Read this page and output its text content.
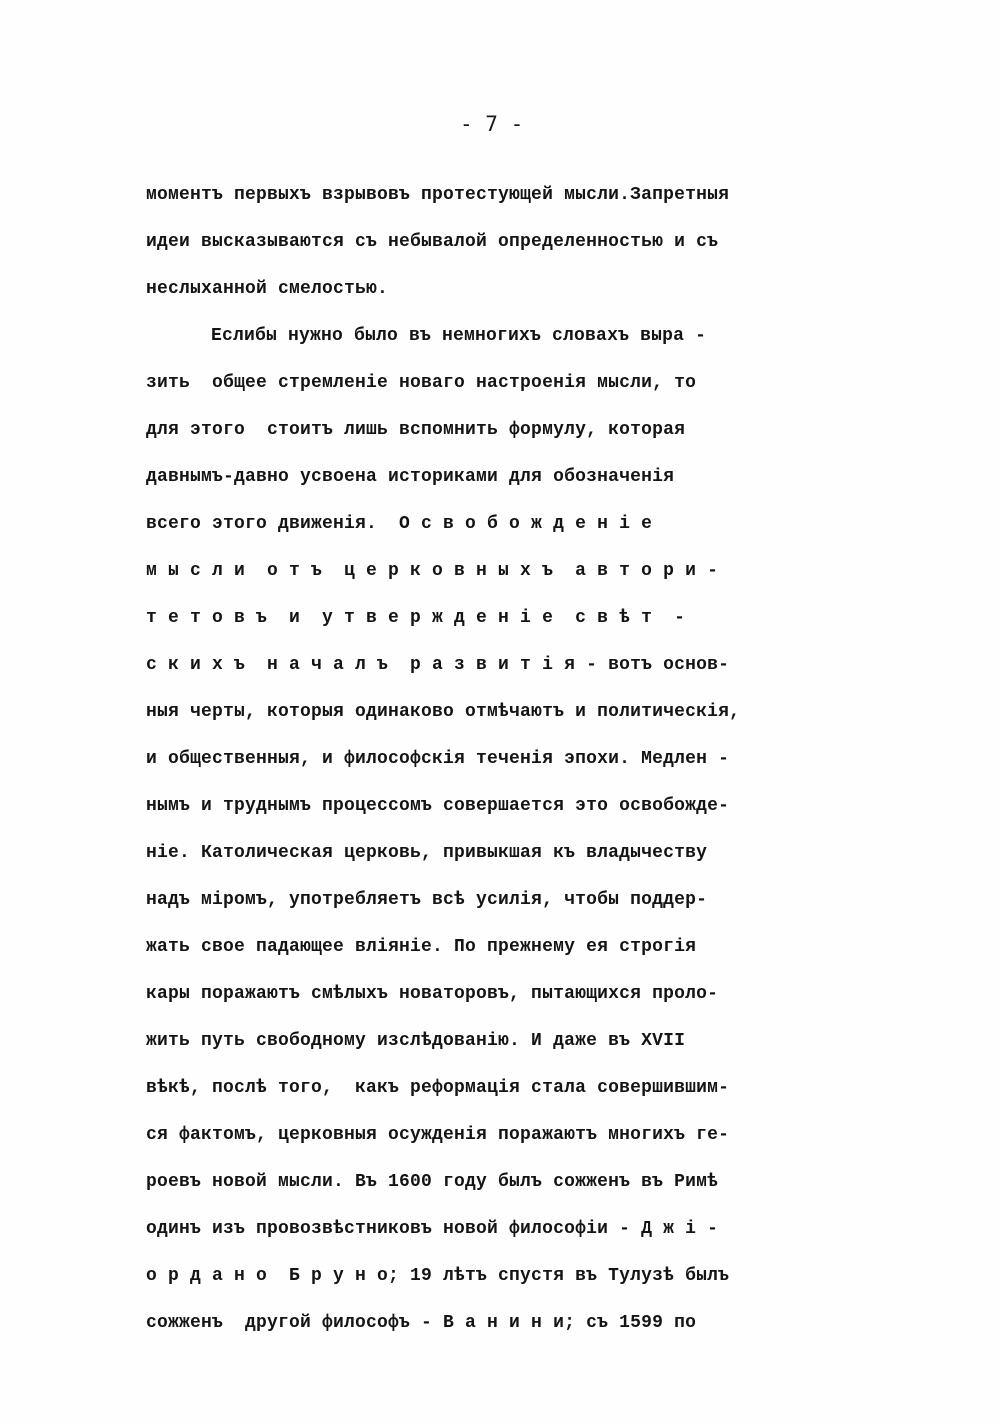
- 7 -
моментъ первыхъ взрывовъ протестующей мысли.Запретныя
идеи высказываются съ небывалой определенностью и съ
неслыханной смелостью.
Еслибы нужно было въ немногихъ словахъ выра -
зить  общее стремленіе новаго настроенія мысли, то
для этого  стоитъ лишь вспомнить формулу, которая
давнымъ-давно усвоена историками для обозначенія
всего этого движенія.  О с в о б о ж д е н і е
м ы с л и  о т ъ  ц е р к о в н ы х ъ  а в т о р и -
т е т о в ъ  и  у т в е р ж д е н і е  с в ѣ т  -
с к и х ъ  н а ч а л ъ  р а з в и т і я - вотъ основ-
ныя черты, которыя одинаково отмѣчаютъ и политическія,
и общественныя, и философскія теченія эпохи. Медлен -
нымъ и труднымъ процессомъ совершается это освобожде-
ніе. Католическая церковь, привыкшая къ владычеству
надъ міромъ, употребляетъ всѣ усилія, чтобы поддер-
жать свое падающее вліяніе. По прежнему ея строгія
кары поражаютъ смѣлыхъ новаторовъ, пытающихся проло-
жить путь свободному изслѣдованію. И даже въ XVII
вѣкѣ, послѣ того,  какъ реформація стала совершившим-
ся фактомъ, церковныя осужденія поражаютъ многихъ ге-
роевъ новой мысли. Въ 1600 году былъ сожженъ въ Римѣ
одинъ изъ провозвѣстниковъ новой философіи - Д ж і -
о р д а н о  Б р у н о; 19 лѣтъ спустя въ Тулузѣ былъ
сожженъ  другой философъ - В а н и н и; съ 1599 по
